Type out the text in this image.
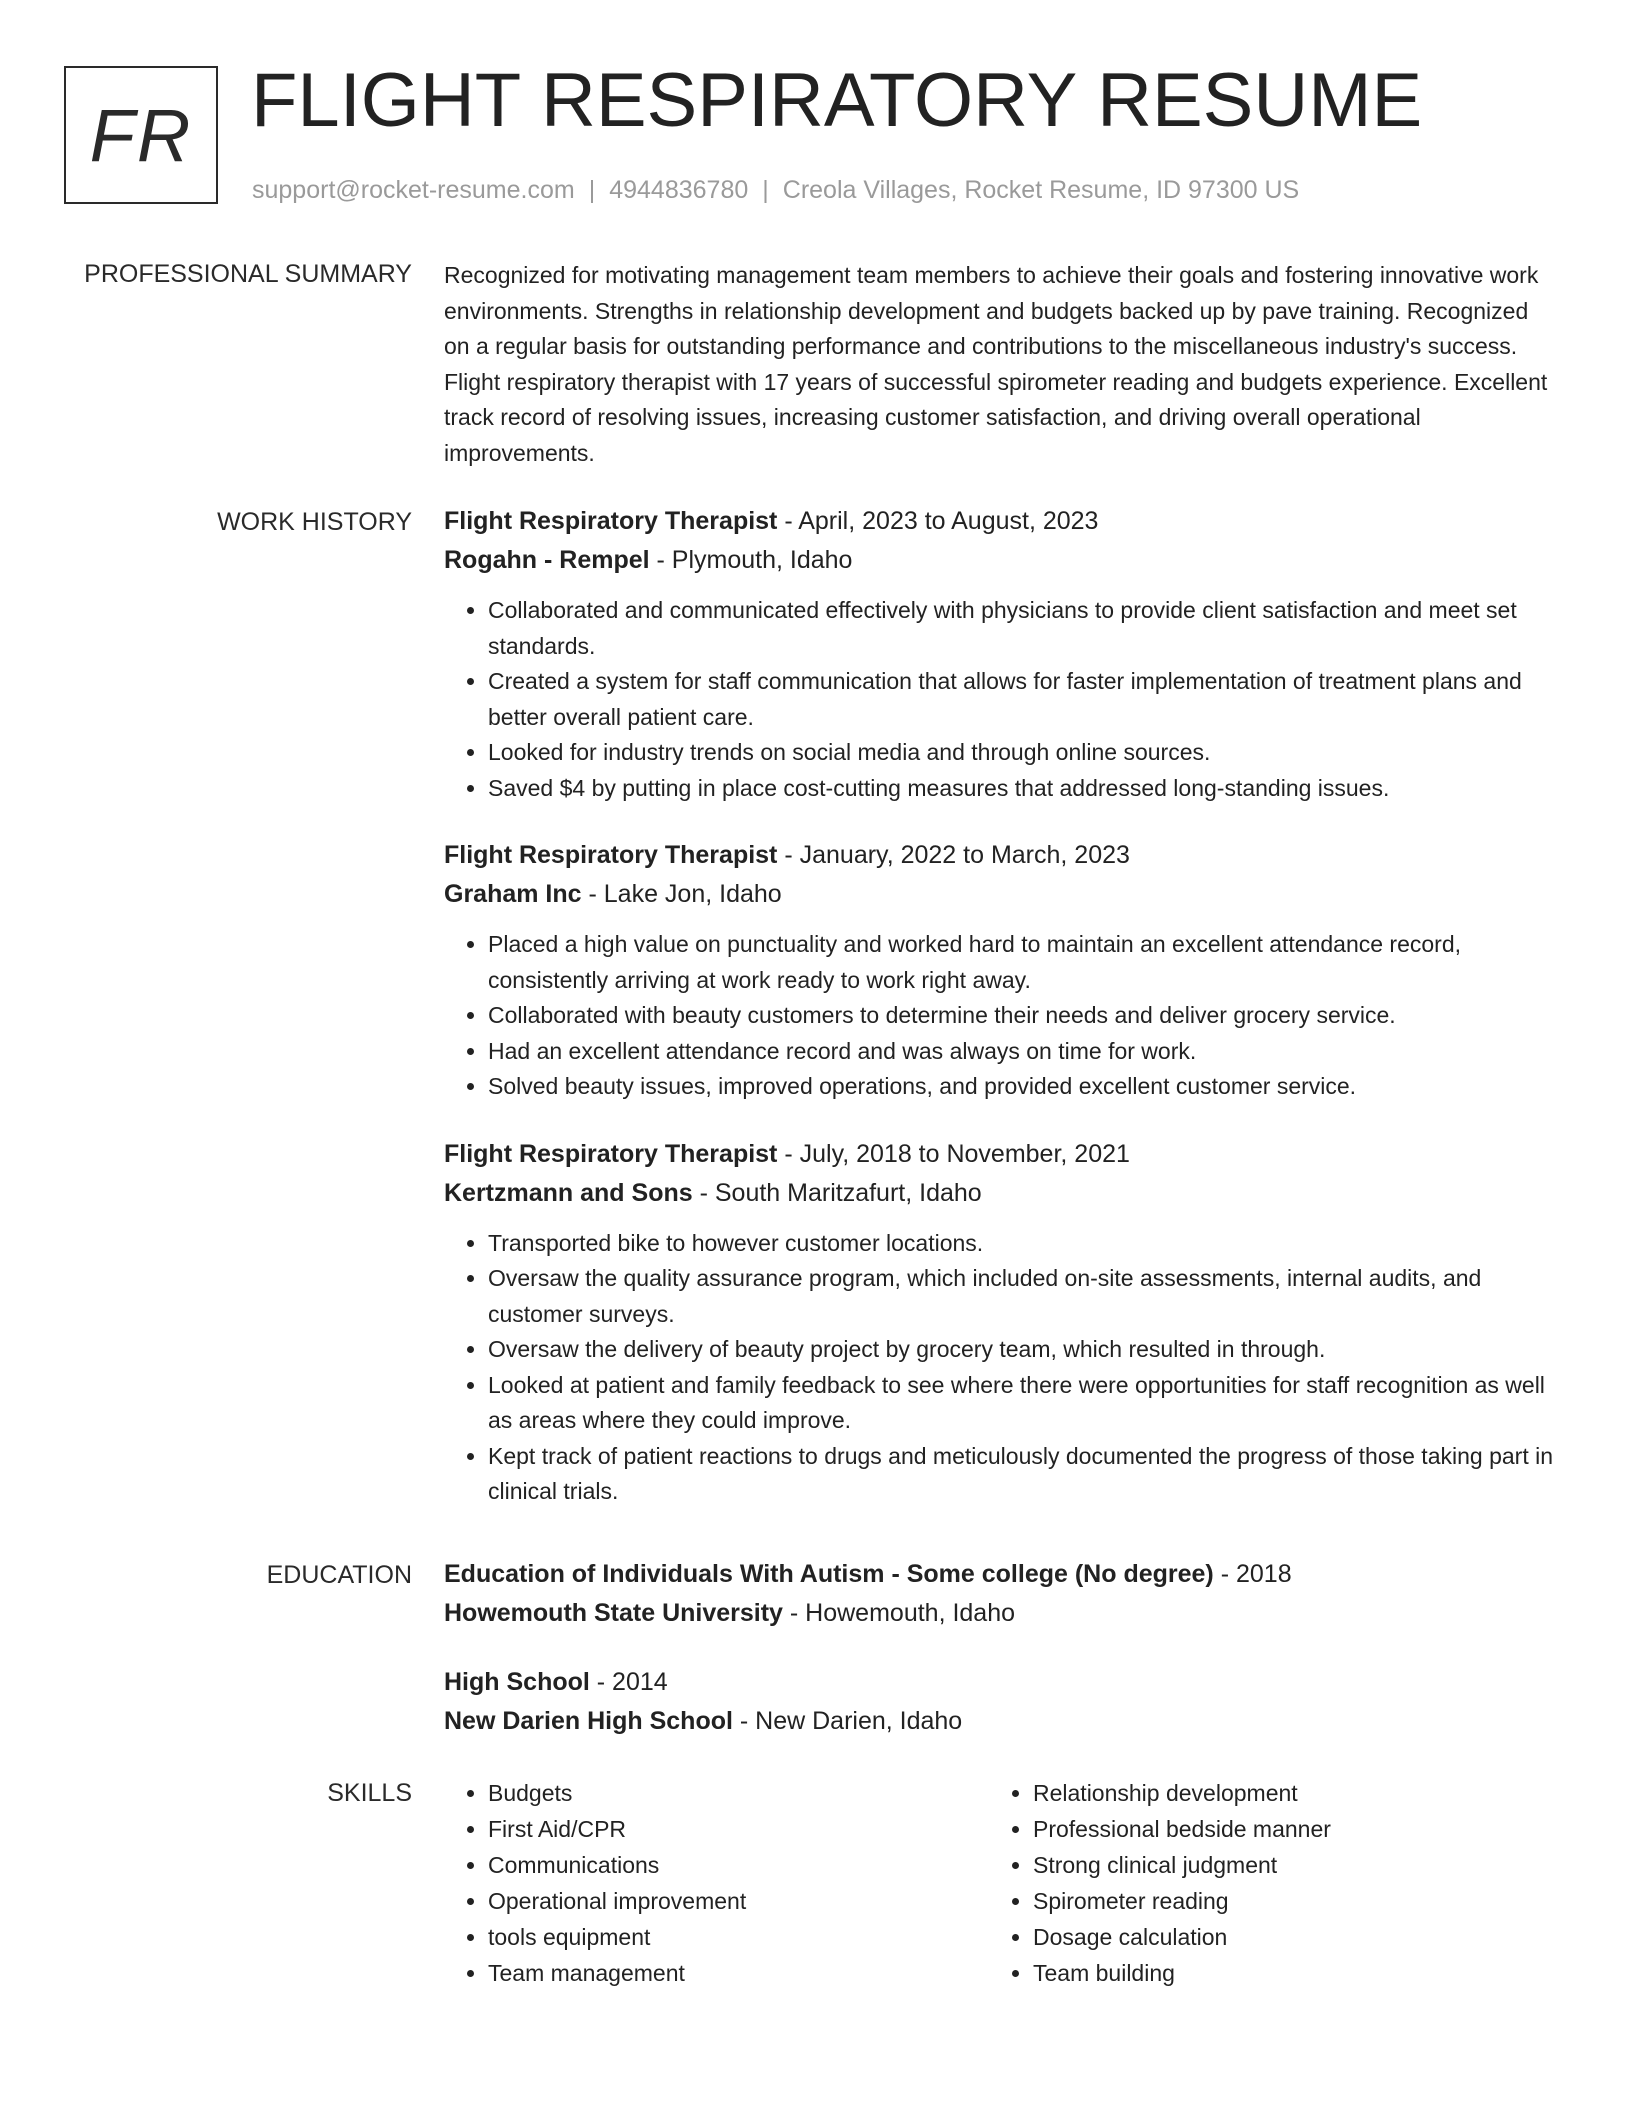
FR FLIGHT RESPIRATORY RESUME
support@rocket-resume.com | 4944836780 | Creola Villages, Rocket Resume, ID 97300 US
PROFESSIONAL SUMMARY Recognized for motivating management team members to achieve their goals and fostering innovative work environments. Strengths in relationship development and budgets backed up by pave training. Recognized on a regular basis for outstanding performance and contributions to the miscellaneous industry's success. Flight respiratory therapist with 17 years of successful spirometer reading and budgets experience. Excellent track record of resolving issues, increasing customer satisfaction, and driving overall operational improvements.

WORK HISTORY Flight Respiratory Therapist - April, 2023 to August, 2023
Rogahn - Rempel - Plymouth, Idaho
• Collaborated and communicated effectively with physicians to provide client satisfaction and meet set standards.
• Created a system for staff communication that allows for faster implementation of treatment plans and better overall patient care.
• Looked for industry trends on social media and through online sources.
• Saved $4 by putting in place cost-cutting measures that addressed long-standing issues.
Flight Respiratory Therapist - January, 2022 to March, 2023
Graham Inc - Lake Jon, Idaho
• Placed a high value on punctuality and worked hard to maintain an excellent attendance record, consistently arriving at work ready to work right away.
• Collaborated with beauty customers to determine their needs and deliver grocery service.
• Had an excellent attendance record and was always on time for work.
• Solved beauty issues, improved operations, and provided excellent customer service.
Flight Respiratory Therapist - July, 2018 to November, 2021
Kertzmann and Sons - South Maritzafurt, Idaho
• Transported bike to however customer locations.
• Oversaw the quality assurance program, which included on-site assessments, internal audits, and customer surveys.
• Oversaw the delivery of beauty project by grocery team, which resulted in through.
• Looked at patient and family feedback to see where there were opportunities for staff recognition as well as areas where they could improve.
• Kept track of patient reactions to drugs and meticulously documented the progress of those taking part in clinical trials.
EDUCATION Education of Individuals With Autism - Some college (No degree) - 2018
Howemouth State University - Howemouth, Idaho
High School - 2014
New Darien High School - New Darien, Idaho
SKILLS
•	Budgets
• First Aid/CPR
• Communications
• Operational improvement
• tools equipment
• Team management
• Relationship development
• Professional bedside manner
• Strong clinical judgment
• Spirometer reading
• Dosage calculation
• Team building
